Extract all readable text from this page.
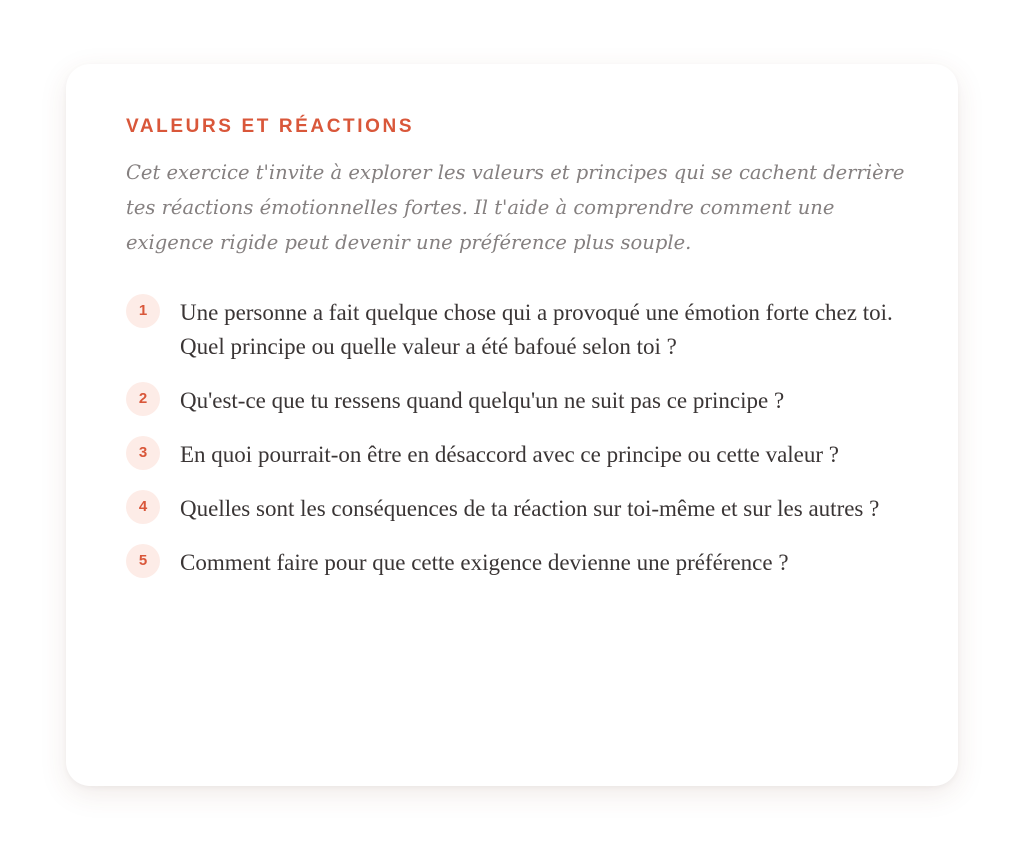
VALEURS ET RÉACTIONS

Cet exercice t'invite à explorer les valeurs et principes qui se cachent derrière tes réactions émotionnelles fortes. Il t'aide à comprendre comment une exigence rigide peut devenir une préférence plus souple.

1	Une personne a fait quelque chose qui a provoqué une émotion forte chez toi. Quel principe ou quelle valeur a été bafoué selon toi ?
2	Qu'est-ce que tu ressens quand quelqu'un ne suit pas ce principe ?
3	En quoi pourrait-on être en désaccord avec ce principe ou cette valeur ?
4	Quelles sont les conséquences de ta réaction sur toi-même et sur les autres ?
5	Comment faire pour que cette exigence devienne une préférence ?
